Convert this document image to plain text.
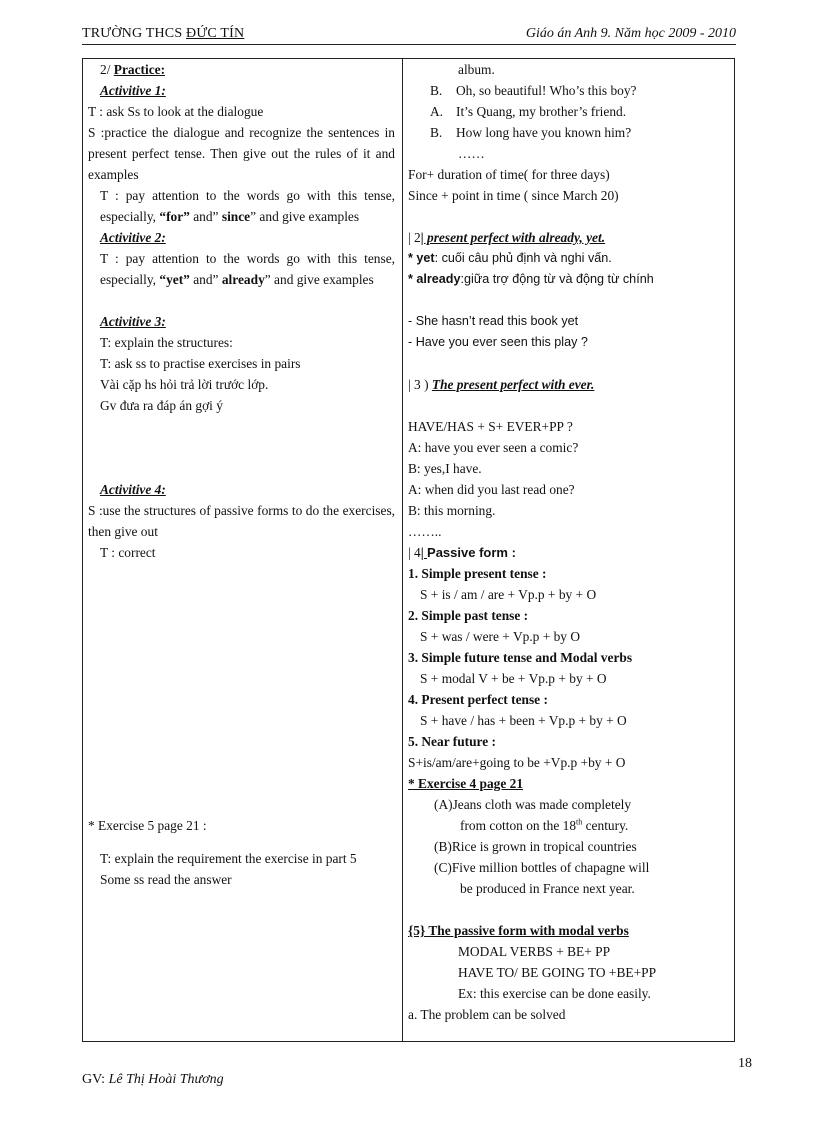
TRƯỜNG THCS ĐỨC TÍN	Giáo án Anh 9. Năm học 2009 - 2010
2/ Practice:
Activitive 1:
T : ask Ss to look at the dialogue
S :practice the dialogue and recognize the sentences in present perfect tense. Then give out the rules of it and examples
T : pay attention to the words go with this tense, especially, “for” and” since” and give examples
Activitive 2:
T : pay attention to the words go with this tense, especially, “yet” and” already” and give examples
Activitive 3:
T: explain the structures:
T: ask ss to practise exercises in pairs
Vài cặp hs hỏi trả lời trước lớp.
Gv đưa ra đáp án gợi ý
Activitive 4:
S :use the structures of passive forms to do the exercises, then give out
T : correct
* Exercise 5 page 21 :
T: explain the requirement the exercise in part 5
Some ss read the answer
album.
B. Oh, so beautiful! Who’s this boy?
A. It’s Quang, my brother’s friend.
B. How long have you known him?
……
For+ duration of time( for three days)
Since + point in time ( since March 20)
| 2| present perfect with already, yet.
* yet: cuối câu phủ định và nghi vấn.
* already:giữa trợ động từ và động từ chính
- She hasn’t read this book yet
- Have you ever seen this play ?
| 3 ) The present perfect with ever.
HAVE/HAS + S+ EVER+PP ?
A: have you ever seen a comic?
B: yes,I have.
A: when did you last read one?
B: this morning.
……..
| 4| Passive form :
1. Simple present tense :
S + is / am / are + Vp.p + by + O
2. Simple past tense :
S + was / were + Vp.p + by O
3. Simple future tense and Modal verbs
S + modal V + be + Vp.p + by + O
4. Present perfect tense :
S + have / has + been + Vp.p + by + O
5. Near future :
S+is/am/are+going to be +Vp.p +by + O
* Exercise 4 page 21
(A)Jeans cloth was made completely
from cotton on the 18th century.
(B)Rice is grown in tropical countries
(C)Five million bottles of chapagne will
be produced in France next year.
{5} The passive form with modal verbs
MODAL VERBS + BE+ PP
HAVE TO/ BE GOING TO +BE+PP
Ex: this exercise can be done easily.
a. The problem can be solved
18
GV: Lê Thị Hoài Thương
